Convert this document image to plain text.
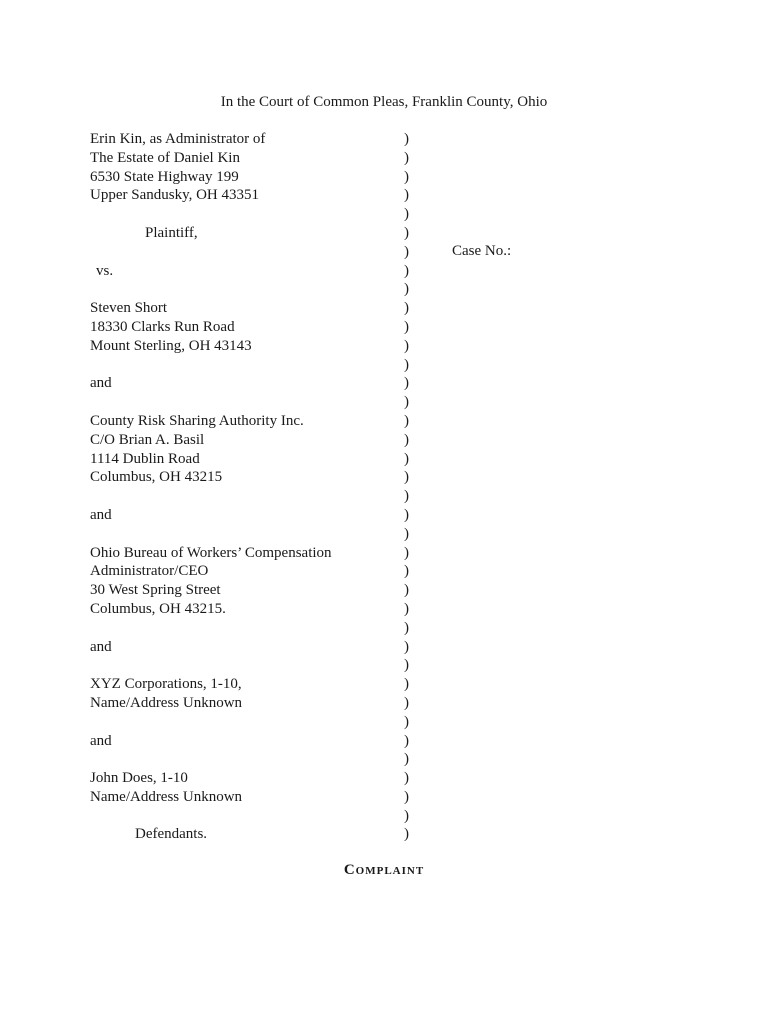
In the Court of Common Pleas, Franklin County, Ohio
Erin Kin, as Administrator of
The Estate of Daniel Kin
6530 State Highway 199
Upper Sandusky, OH 43351
Plaintiff,
vs.
Steven Short
18330 Clarks Run Road
Mount Sterling, OH 43143
and
County Risk Sharing Authority Inc.
C/O Brian A. Basil
1114 Dublin Road
Columbus, OH 43215
and
Ohio Bureau of Workers’ Compensation
Administrator/CEO
30 West Spring Street
Columbus, OH 43215.
and
XYZ Corporations, 1-10,
Name/Address Unknown
and
John Does, 1-10
Name/Address Unknown
Defendants.
)
)
)
)
)
)
)
)
)
)
)
)
)
)
)
)
)
)
)
)
)
)
)
)
)
)
)
)
)
)
)
)
)
)
)
)
)
)
Case No.:
Complaint
